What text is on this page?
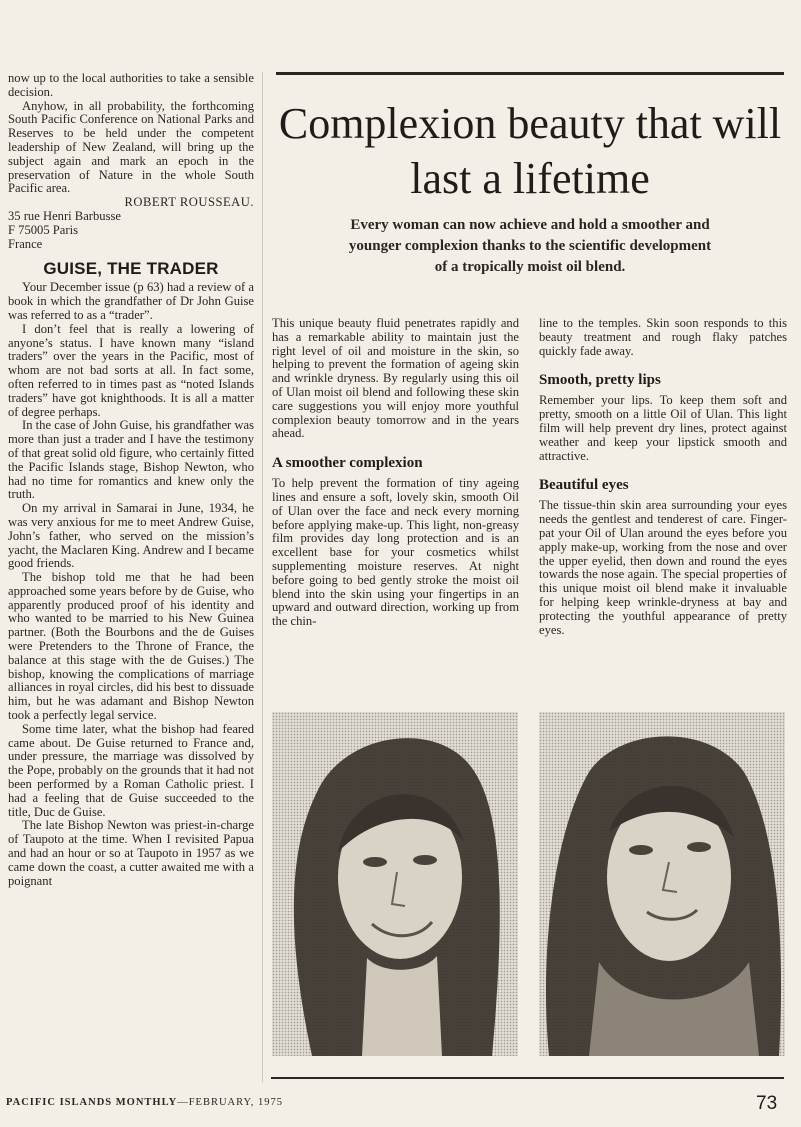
now up to the local authorities to take a sensible decision.

Anyhow, in all probability, the forthcoming South Pacific Conference on National Parks and Reserves to be held under the competent leadership of New Zealand, will bring up the subject again and mark an epoch in the preservation of Nature in the whole South Pacific area.

ROBERT ROUSSEAU.

35 rue Henri Barbusse

F 75005 Paris

France

GUISE, THE TRADER

Your December issue (p 63) had a review of a book in which the grandfather of Dr John Guise was referred to as a “trader”.

I don’t feel that is really a lowering of anyone’s status. I have known many “island traders” over the years in the Pacific, most of whom are not bad sorts at all. In fact some, often referred to in times past as “noted Islands traders” have got knighthoods. It is all a matter of degree perhaps.

In the case of John Guise, his grandfather was more than just a trader and I have the testimony of that great solid old figure, who certainly fitted the Pacific Islands stage, Bishop Newton, who had no time for romantics and knew only the truth.

On my arrival in Samarai in June, 1934, he was very anxious for me to meet Andrew Guise, John’s father, who served on the mission’s yacht, the Maclaren King. Andrew and I became good friends.

The bishop told me that he had been approached some years before by de Guise, who apparently produced proof of his identity and who wanted to be married to his New Guinea partner. (Both the Bourbons and the de Guises were Pretenders to the Throne of France, the balance at this stage with the de Guises.) The bishop, knowing the complications of marriage alliances in royal circles, did his best to dissuade him, but he was adamant and Bishop Newton took a perfectly legal service.

Some time later, what the bishop had feared came about. De Guise returned to France and, under pressure, the marriage was dissolved by the Pope, probably on the grounds that it had not been performed by a Roman Catholic priest. I had a feeling that de Guise succeeded to the title, Duc de Guise.

The late Bishop Newton was priest-in-charge of Taupoto at the time. When I revisited Papua and had an hour or so at Taupoto in 1957 as we came down the coast, a cutter awaited me with a poignant

Complexion beauty that will last a lifetime
Every woman can now achieve and hold a smoother and younger complexion thanks to the scientific development of a tropically moist oil blend.

This unique beauty fluid penetrates rapidly and has a remarkable ability to maintain just the right level of oil and moisture in the skin, so helping to prevent the formation of ageing skin and wrinkle dryness. By regularly using this oil of Ulan moist oil blend and following these skin care suggestions you will enjoy more youthful complexion beauty tomorrow and in the years ahead.

A smoother complexion

To help prevent the formation of tiny ageing lines and ensure a soft, lovely skin, smooth Oil of Ulan over the face and neck every morning before applying make-up. This light, non-greasy film provides day long protection and is an excellent base for your cosmetics whilst supplementing moisture reserves. At night before going to bed gently stroke the moist oil blend into the skin using your fingertips in an upward and outward direction, working up from the chin-

line to the temples. Skin soon responds to this beauty treatment and rough flaky patches quickly fade away.

Smooth, pretty lips

Remember your lips. To keep them soft and pretty, smooth on a little Oil of Ulan. This light film will help prevent dry lines, protect against weather and keep your lipstick smooth and attractive.

Beautiful eyes

The tissue-thin skin area surrounding your eyes needs the gentlest and tenderest of care. Finger-pat your Oil of Ulan around the eyes before you apply make-up, working from the nose and over the upper eyelid, then down and round the eyes towards the nose again. The special properties of this unique moist oil blend make it invaluable for helping keep wrinkle-dryness at bay and protecting the youthful appearance of pretty eyes.

PACIFIC ISLANDS MONTHLY—FEBRUARY, 1975	73
